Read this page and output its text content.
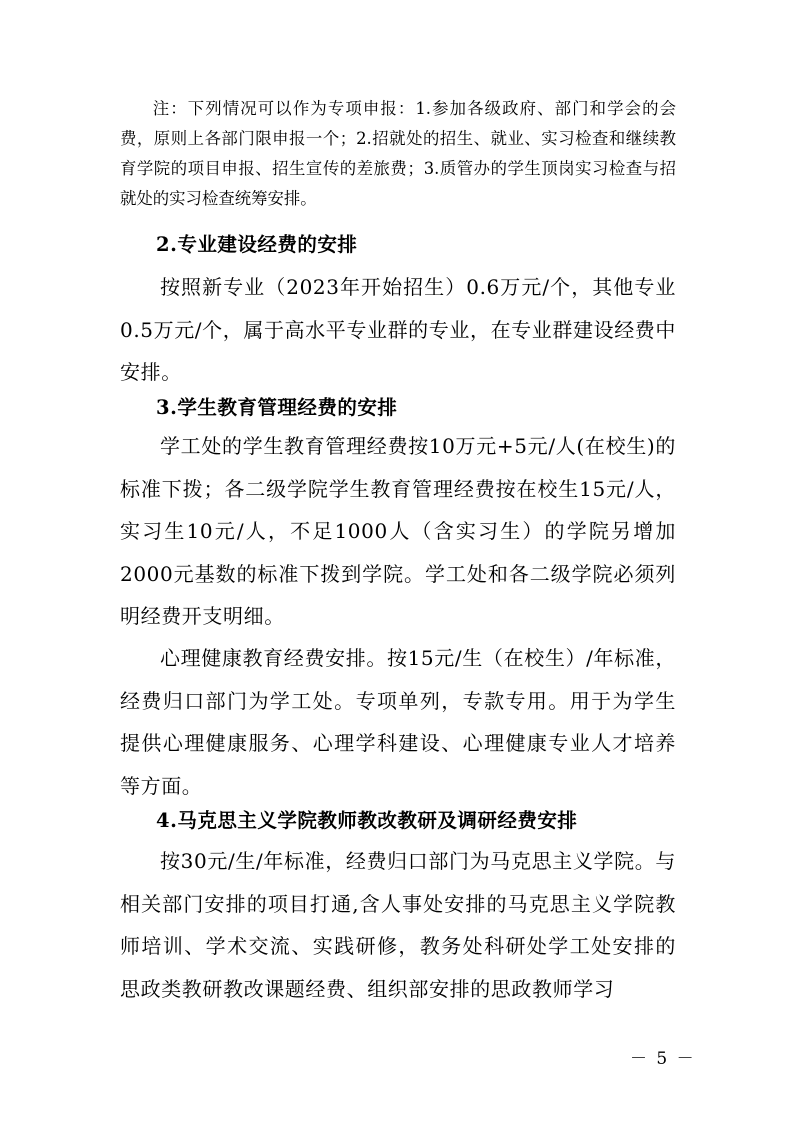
注：下列情况可以作为专项申报：1.参加各级政府、部门和学会的会费，原则上各部门限申报一个；2.招就处的招生、就业、实习检查和继续教育学院的项目申报、招生宣传的差旅费；3.质管办的学生顶岗实习检查与招就处的实习检查统筹安排。

2.专业建设经费的安排

按照新专业（2023年开始招生）0.6万元/个，其他专业0.5万元/个，属于高水平专业群的专业，在专业群建设经费中安排。

3.学生教育管理经费的安排

学工处的学生教育管理经费按10万元+5元/人(在校生)的标准下拨；各二级学院学生教育管理经费按在校生15元/人，实习生10元/人，不足1000人（含实习生）的学院另增加2000元基数的标准下拨到学院。学工处和各二级学院必须列明经费开支明细。

心理健康教育经费安排。按15元/生（在校生）/年标准，经费归口部门为学工处。专项单列，专款专用。用于为学生提供心理健康服务、心理学科建设、心理健康专业人才培养等方面。

4.马克思主义学院教师教改教研及调研经费安排

按30元/生/年标准，经费归口部门为马克思主义学院。与相关部门安排的项目打通,含人事处安排的马克思主义学院教师培训、学术交流、实践研修，教务处科研处学工处安排的思政类教研教改课题经费、组织部安排的思政教师学习

－ 5 －
